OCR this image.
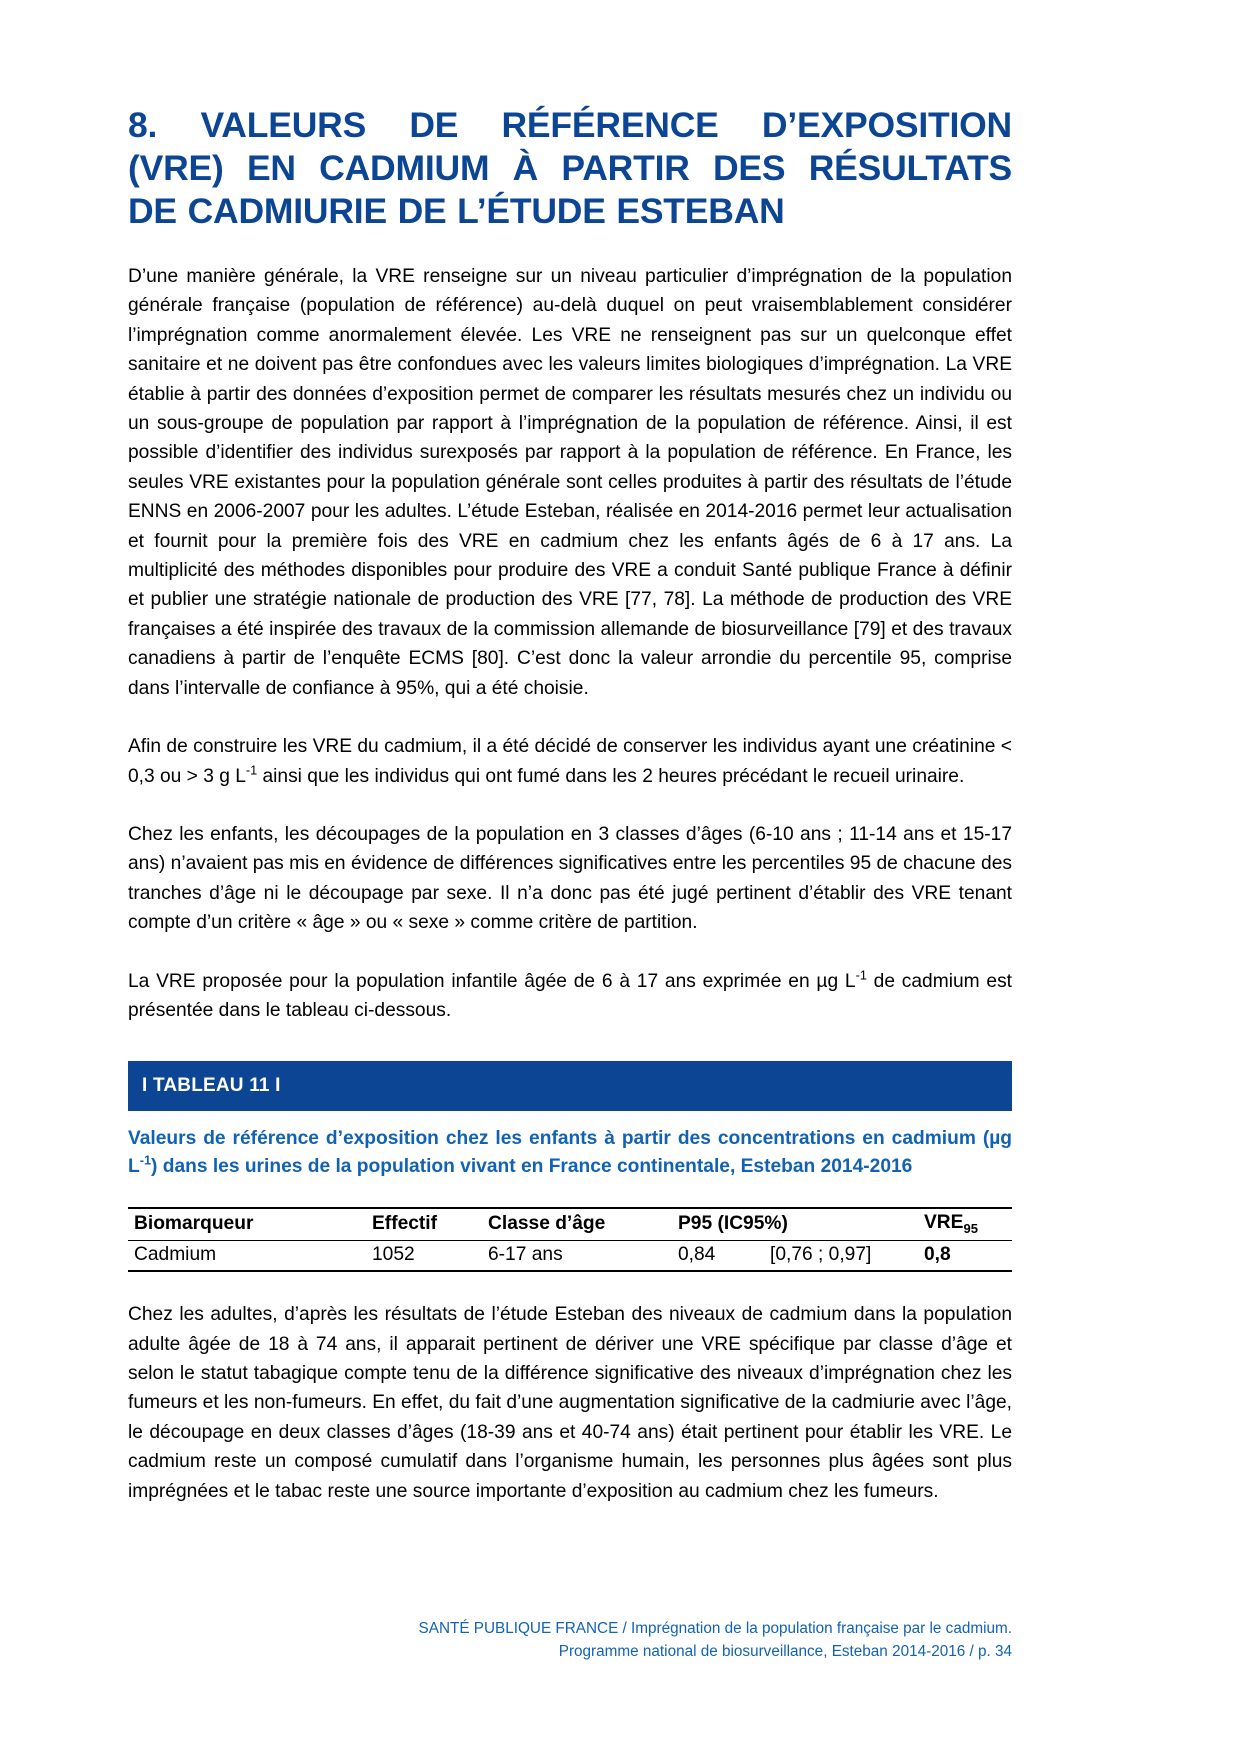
8. VALEURS DE RÉFÉRENCE D’EXPOSITION
(VRE) EN CADMIUM À PARTIR DES RÉSULTATS
DE CADMIURIE DE L’ÉTUDE ESTEBAN

D’une manière générale, la VRE renseigne sur un niveau particulier d’imprégnation de la population générale française (population de référence) au-delà duquel on peut vraisemblablement considérer l’imprégnation comme anormalement élevée. Les VRE ne renseignent pas sur un quelconque effet sanitaire et ne doivent pas être confondues avec les valeurs limites biologiques d’imprégnation. La VRE établie à partir des données d’exposition permet de comparer les résultats mesurés chez un individu ou un sous-groupe de population par rapport à l’imprégnation de la population de référence. Ainsi, il est possible d’identifier des individus surexposés par rapport à la population de référence. En France, les seules VRE existantes pour la population générale sont celles produites à partir des résultats de l’étude ENNS en 2006-2007 pour les adultes. L’étude Esteban, réalisée en 2014-2016 permet leur actualisation et fournit pour la première fois des VRE en cadmium chez les enfants âgés de 6 à 17 ans. La multiplicité des méthodes disponibles pour produire des VRE a conduit Santé publique France à définir et publier une stratégie nationale de production des VRE [77, 78]. La méthode de production des VRE françaises a été inspirée des travaux de la commission allemande de biosurveillance [79] et des travaux canadiens à partir de l’enquête ECMS [80]. C’est donc la valeur arrondie du percentile 95, comprise dans l’intervalle de confiance à 95%, qui a été choisie.

Afin de construire les VRE du cadmium, il a été décidé de conserver les individus ayant une créatinine < 0,3 ou > 3 g $L^{-1}$ ainsi que les individus qui ont fumé dans les 2 heures précédant le recueil urinaire.

Chez les enfants, les découpages de la population en 3 classes d’âges (6-10 ans ; 11-14 ans et 15-17 ans) n’avaient pas mis en évidence de différences significatives entre les percentiles 95 de chacune des tranches d’âge ni le découpage par sexe. Il n’a donc pas été jugé pertinent d’établir des VRE tenant compte d’un critère « âge » ou « sexe » comme critère de partition.

La VRE proposée pour la population infantile âgée de 6 à 17 ans exprimée en µg $L^{-1}$ de cadmium est présentée dans le tableau ci-dessous.

I TABLEAU 11 I
Valeurs de référence d’exposition chez les enfants à partir des concentrations en cadmium (µg $L^{-1}$) dans les urines de la population vivant en France continentale, Esteban 2014-2016
Biomarqueur	Effectif	Classe d’âge	P95 (IC95%)		$VRE_{95}$
Cadmium	1052	6-17 ans	0,84	[0,76 ; 0,97]	0,8

Chez les adultes, d’après les résultats de l’étude Esteban des niveaux de cadmium dans la population adulte âgée de 18 à 74 ans, il apparait pertinent de dériver une VRE spécifique par classe d’âge et selon le statut tabagique compte tenu de la différence significative des niveaux d’imprégnation chez les fumeurs et les non-fumeurs. En effet, du fait d’une augmentation significative de la cadmiurie avec l’âge, le découpage en deux classes d’âges (18-39 ans et 40-74 ans) était pertinent pour établir les VRE. Le cadmium reste un composé cumulatif dans l’organisme humain, les personnes plus âgées sont plus imprégnées et le tabac reste une source importante d’exposition au cadmium chez les fumeurs.

SANTÉ PUBLIQUE FRANCE / Imprégnation de la population française par le cadmium.
Programme national de biosurveillance, Esteban 2014-2016 / p. 34
